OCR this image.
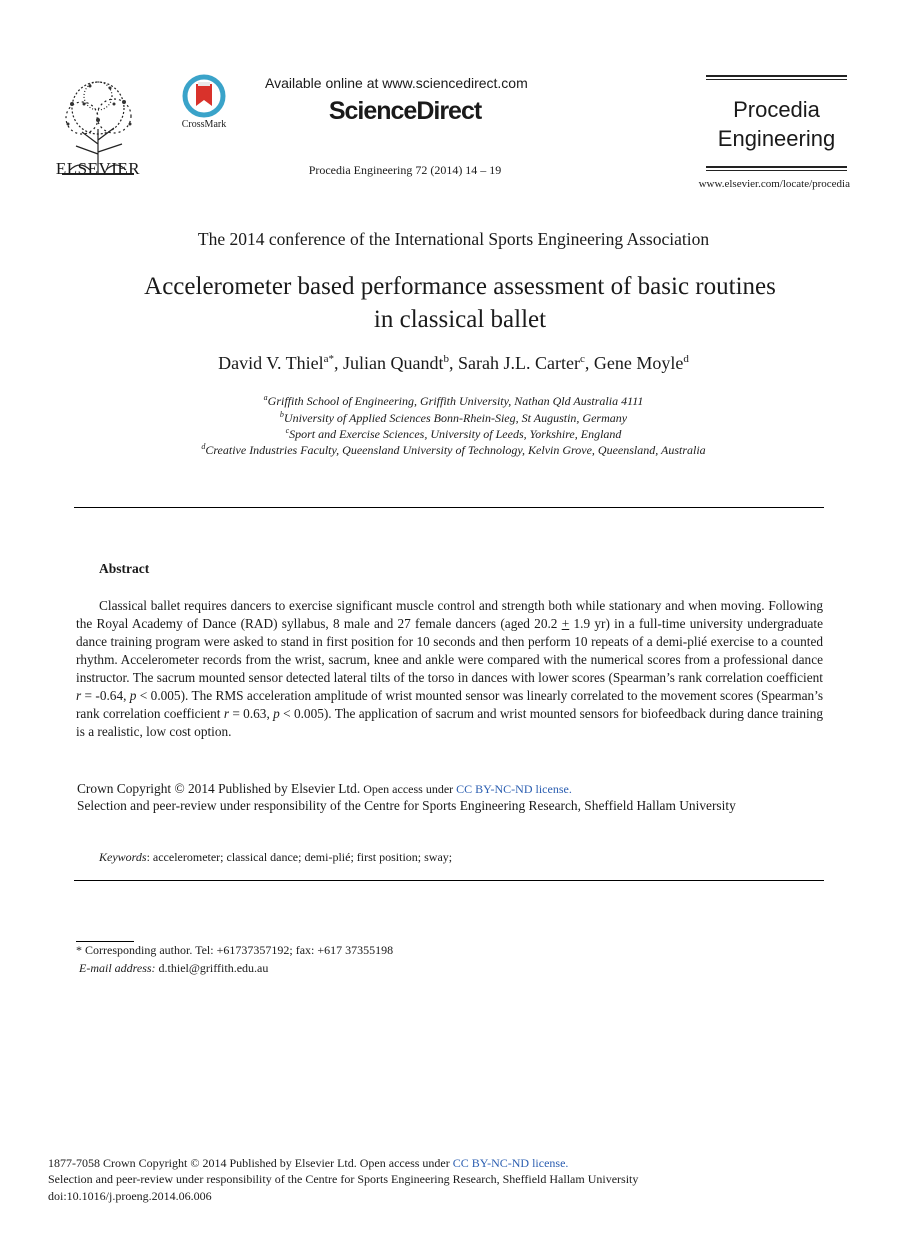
ELSEVIER
CrossMark
Available online at www.sciencedirect.com
ScienceDirect
Procedia Engineering 72 (2014) 14 – 19
Procedia
Engineering
www.elsevier.com/locate/procedia
The 2014 conference of the International Sports Engineering Association
Accelerometer based performance assessment of basic routines
in classical ballet
David V. Thiel$^{a*}$, Julian Quandt$^b$, Sarah J.L. Carter$^c$, Gene Moyle$^d$
$^a$Griffith School of Engineering, Griffith University, Nathan Qld Australia 4111
$^b$University of Applied Sciences Bonn-Rhein-Sieg, St Augustin, Germany
$^c$Sport and Exercise Sciences, University of Leeds, Yorkshire, England
$^d$Creative Industries Faculty, Queensland University of Technology, Kelvin Grove, Queensland, Australia
Abstract
Classical ballet requires dancers to exercise significant muscle control and strength both while stationary and when moving. Following the Royal Academy of Dance (RAD) syllabus, 8 male and 27 female dancers (aged 20.2 + 1.9 yr) in a full-time university undergraduate dance training program were asked to stand in first position for 10 seconds and then perform 10 repeats of a demi-plié exercise to a counted rhythm. Accelerometer records from the wrist, sacrum, knee and ankle were compared with the numerical scores from a professional dance instructor. The sacrum mounted sensor detected lateral tilts of the torso in dances with lower scores (Spearman’s rank correlation coefficient r = -0.64, p < 0.005). The RMS acceleration amplitude of wrist mounted sensor was linearly correlated to the movement scores (Spearman’s rank correlation coefficient r = 0.63, p < 0.005). The application of sacrum and wrist mounted sensors for biofeedback during dance training is a realistic, low cost option.
Crown Copyright © 2014 Published by Elsevier Ltd. Open access under CC BY-NC-ND license.
Selection and peer-review under responsibility of the Centre for Sports Engineering Research, Sheffield Hallam University
Keywords: accelerometer; classical dance; demi-plié; first position; sway;
* Corresponding author. Tel: +61737357192; fax: +617 37355198
E-mail address: d.thiel@griffith.edu.au
1877-7058 Crown Copyright © 2014 Published by Elsevier Ltd. Open access under CC BY-NC-ND license.
Selection and peer-review under responsibility of the Centre for Sports Engineering Research, Sheffield Hallam University
doi:10.1016/j.proeng.2014.06.006
